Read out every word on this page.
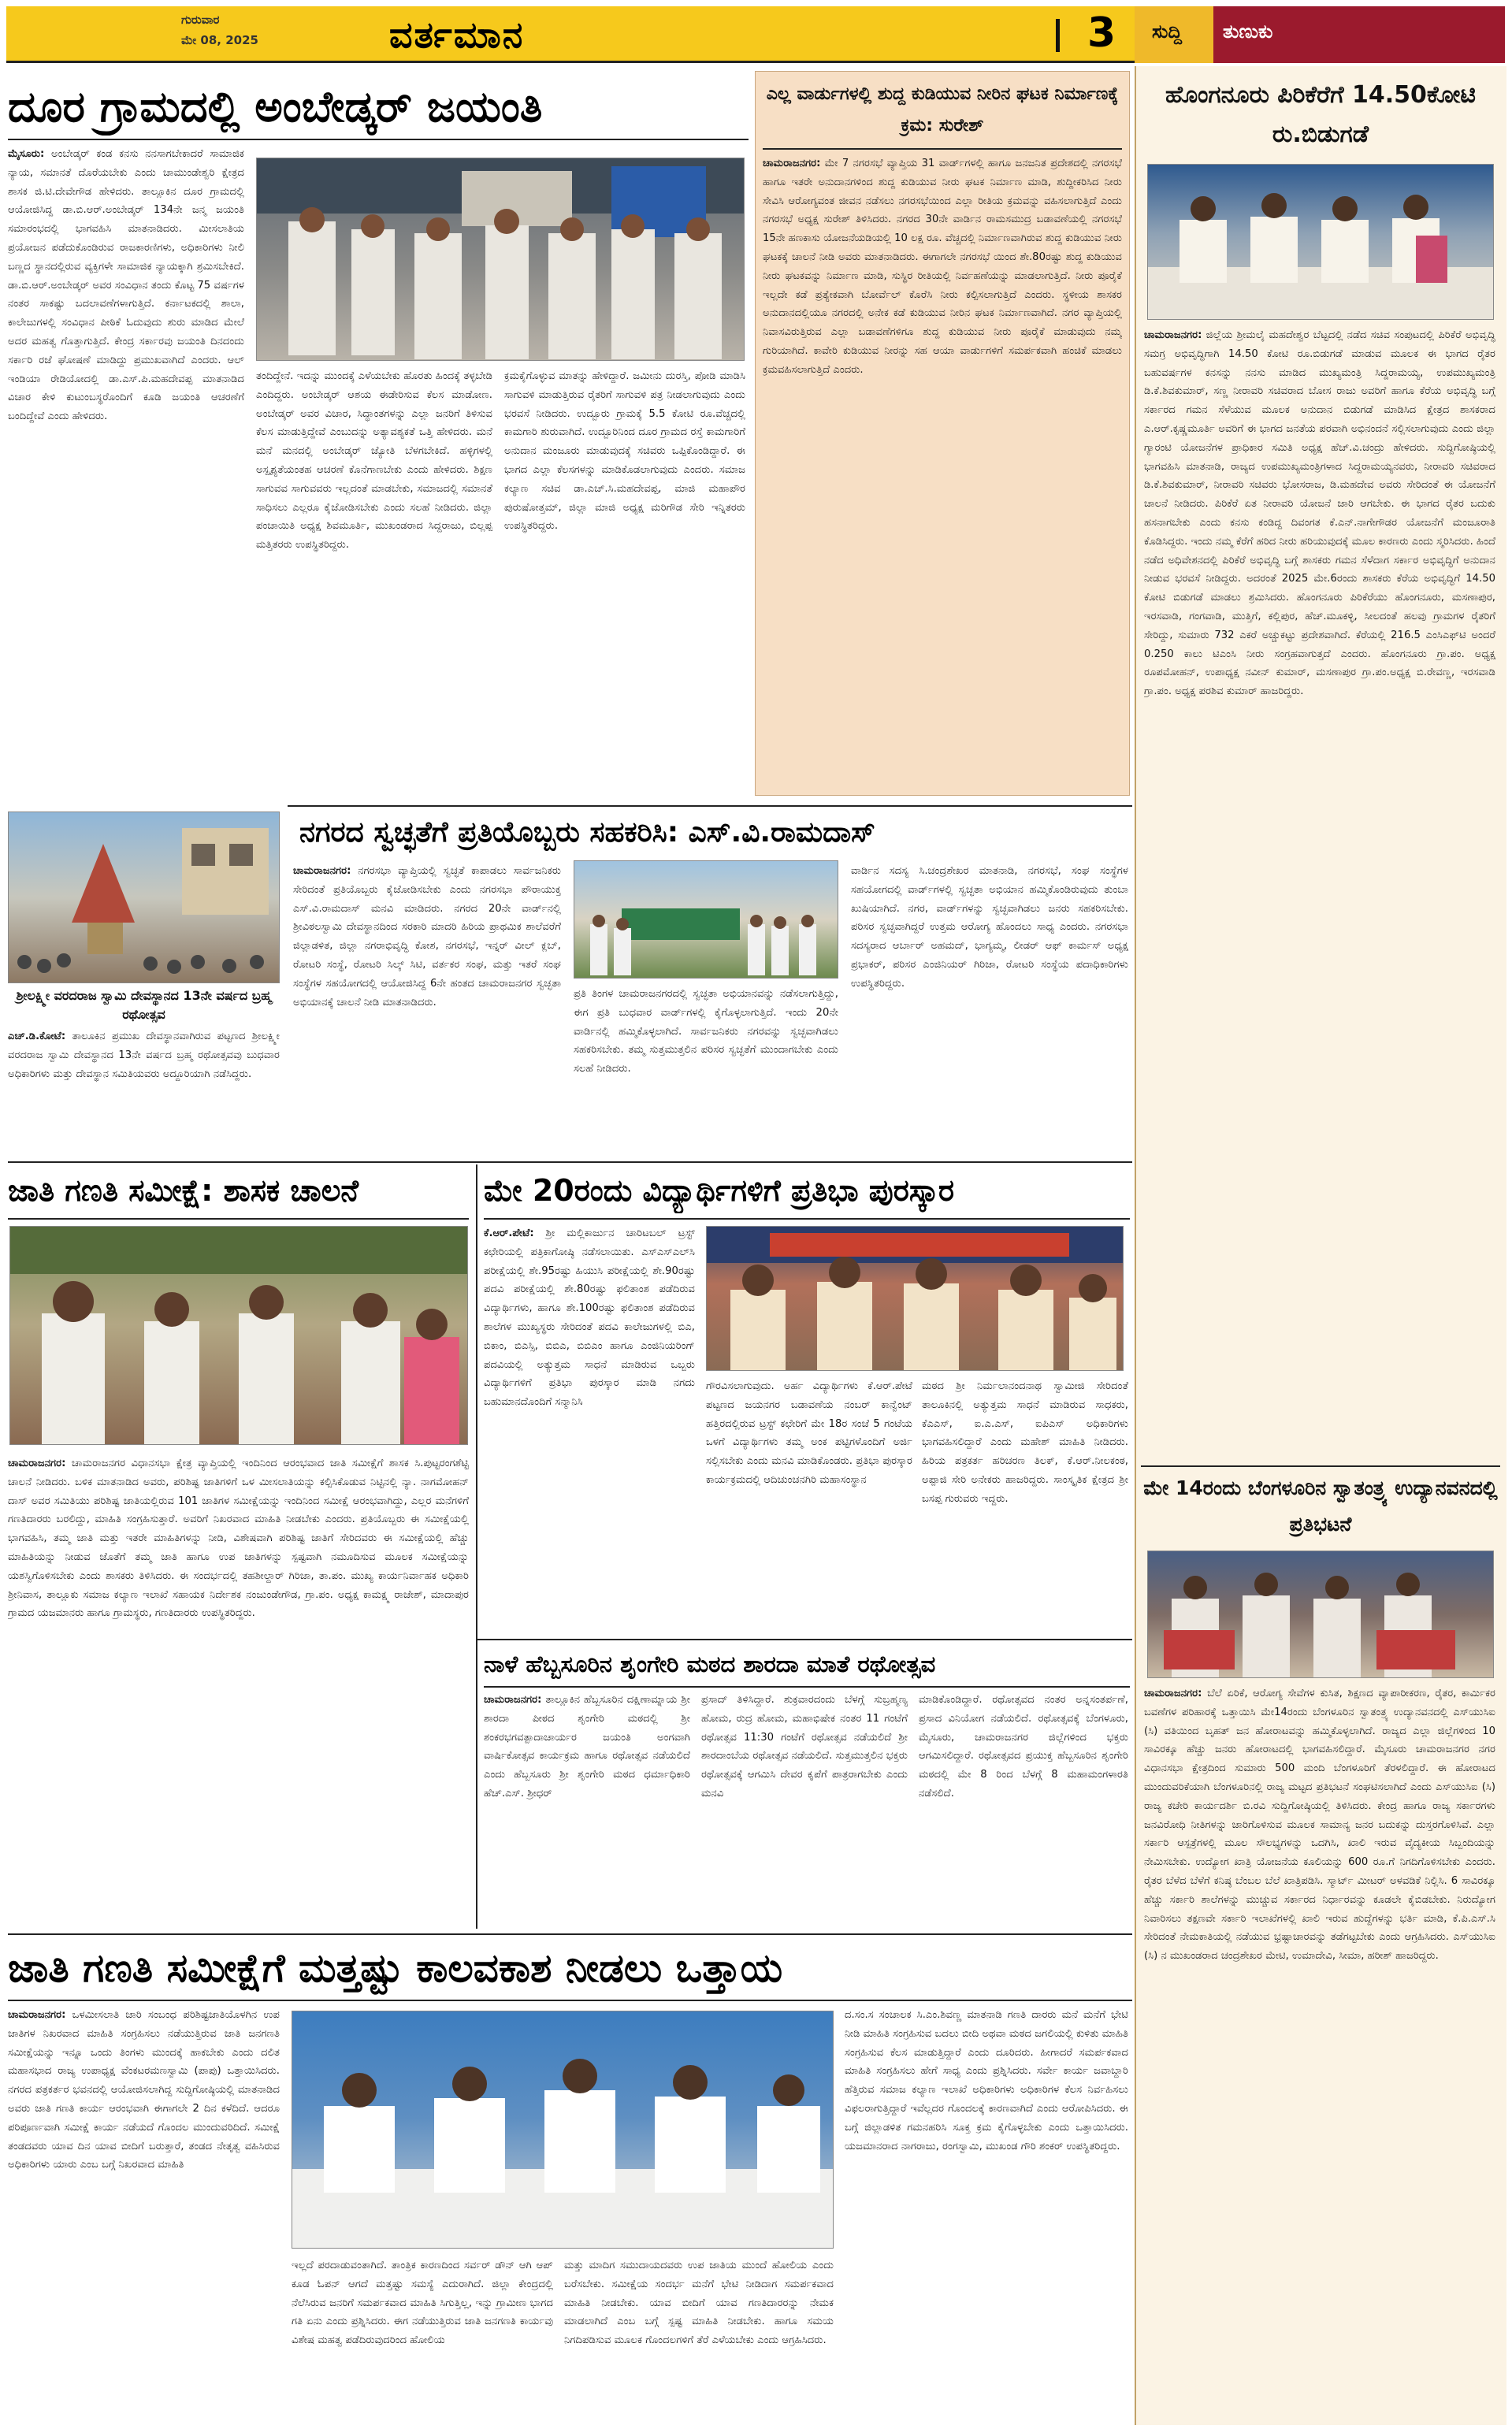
ಗುರುವಾರ
ಮೇ 08, 2025	ವರ್ತಮಾನ	3 ಸುದ್ದಿ ತುಣುಕು
ದೂರ ಗ್ರಾಮದಲ್ಲಿ ಅಂಬೇಡ್ಕರ್ ಜಯಂತಿ
ಮೈಸೂರು: ಅಂಬೇಡ್ಕರ್ ಕಂಡ ಕನಸು ನನಸಾಗಬೇಕಾದರೆ ಸಾಮಾಜಿಕ ನ್ಯಾಯ, ಸಮಾನತೆ ದೊರೆಯಬೇಕು ಎಂದು ಚಾಮುಂಡೇಶ್ವರಿ ಕ್ಷೇತ್ರದ ಶಾಸಕ ಜಿ.ಟಿ.ದೇವೇಗೌಡ ಹೇಳಿದರು. ತಾಲ್ಲೂಕಿನ ದೂರ ಗ್ರಾಮದಲ್ಲಿ ಆಯೋಜಿಸಿದ್ದ ಡಾ.ಬಿ.ಆರ್.ಅಂಬೇಡ್ಕರ್ 134ನೇ ಜನ್ಮ ಜಯಂತಿ ಸಮಾರಂಭದಲ್ಲಿ ಭಾಗವಹಿಸಿ ಮಾತನಾಡಿದರು. ಮೀಸಲಾತಿಯ ಪ್ರಯೋಜನ ಪಡೆದುಕೊಂಡಿರುವ ರಾಜಕಾರಣಿಗಳು, ಅಧಿಕಾರಿಗಳು ನೀಲಿ ಬಣ್ಣದ ಸ್ಥಾನದಲ್ಲಿರುವ ವ್ಯಕ್ತಿಗಳೇ ಸಾಮಾಜಿಕ ನ್ಯಾಯಕ್ಕಾಗಿ ಶ್ರಮಿಸಬೇಕಿದೆ. ಡಾ.ಬಿ.ಆರ್.ಅಂಬೇಡ್ಕರ್ ಅವರ ಸಂವಿಧಾನ ತಂದು ಕೊಟ್ಟ 75 ವರ್ಷಗಳ ನಂತರ ಸಾಕಷ್ಟು ಬದಲಾವಣೆಗಳಾಗುತ್ತಿದೆ. ಕರ್ನಾಟಕದಲ್ಲಿ ಶಾಲಾ, ಕಾಲೇಜುಗಳಲ್ಲಿ ಸಂವಿಧಾನ ಪೀಠಿಕೆ ಓದುವುದು ಶುರು ಮಾಡಿದ ಮೇಲೆ ಅದರ ಮಹತ್ವ ಗೊತ್ತಾಗುತ್ತಿದೆ. ಕೇಂದ್ರ ಸರ್ಕಾರವು ಜಯಂತಿ ದಿನದಂದು ಸರ್ಕಾರಿ ರಜೆ ಘೋಷಣೆ ಮಾಡಿದ್ದು ಪ್ರಮುಖವಾಗಿದೆ ಎಂದರು. ಆಲ್ ಇಂಡಿಯಾ ರೇಡಿಯೋದಲ್ಲಿ ಡಾ.ಎಸ್.ಪಿ.ಮಹದೇವಪ್ಪ ಮಾತನಾಡಿದ ವಿಚಾರ ಕೇಳಿ ಕುಟುಂಬಸ್ಥರೊಂದಿಗೆ ಕೂಡಿ ಜಯಂತಿ ಆಚರಣೆಗೆ ಬಂದಿದ್ದೇವೆ ಎಂದು ಹೇಳಿದರು.
ತಂದಿದ್ದೇನೆ. ಇದನ್ನು ಮುಂದಕ್ಕೆ ಎಳೆಯಬೇಕು ಹೊರತು ಹಿಂದಕ್ಕೆ ತಳ್ಳಬೇಡಿ ಎಂದಿದ್ದರು. ಅಂಬೇಡ್ಕರ್ ಆಶಯ ಈಡೇರಿಸುವ ಕೆಲಸ ಮಾಡೋಣ. ಅಂಬೇಡ್ಕರ್ ಅವರ ವಿಚಾರ, ಸಿದ್ಧಾಂತಗಳನ್ನು ಎಲ್ಲಾ ಜನರಿಗೆ ತಿಳಿಸುವ ಕೆಲಸ ಮಾಡುತ್ತಿದ್ದೇವೆ ಎಂಬುದನ್ನು ಅತ್ಯಾವಶ್ಯಕತೆ ಒತ್ತಿ ಹೇಳಿದರು. ಮನೆ ಮನೆ ಮನದಲ್ಲಿ ಅಂಬೇಡ್ಕರ್ ಜ್ಯೋತಿ ಬೆಳಗಬೇಕಿದೆ. ಹಳ್ಳಿಗಳಲ್ಲಿ ಅಸ್ಪೃಶ್ಯತೆಯಂತಹ ಆಚರಣೆ ಕೊನೆಗಾಣಬೇಕು ಎಂದು ಹೇಳಿದರು. ಶಿಕ್ಷಣ ಸಾಗುವವ ಸಾಗುವವರು ಇಲ್ಲದಂತೆ ಮಾಡಬೇಕು, ಸಮಾಜದಲ್ಲಿ ಸಮಾನತೆ ಸಾಧಿಸಲು ಎಲ್ಲರೂ ಕೈಜೋಡಿಸಬೇಕು ಎಂದು ಸಲಹೆ ನೀಡಿದರು. ಜಿಲ್ಲಾ ಪಂಚಾಯಿತಿ ಅಧ್ಯಕ್ಷ ಶಿವಮೂರ್ತಿ, ಮುಖಂಡರಾದ ಸಿದ್ದರಾಜು, ಬಿಲ್ಲಪ್ಪ ಮತ್ತಿತರರು ಉಪಸ್ಥಿತರಿದ್ದರು.
ಕ್ರಮಕೈಗೊಳ್ಳುವ ಮಾತನ್ನು ಹೇಳಿದ್ದಾರೆ. ಜಮೀನು ದುರಸ್ತಿ, ಪೋಡಿ ಮಾಡಿಸಿ ಸಾಗುವಳಿ ಮಾಡುತ್ತಿರುವ ರೈತರಿಗೆ ಸಾಗುವಳಿ ಪತ್ರ ನೀಡಲಾಗುವುದು ಎಂದು ಭರವಸೆ ನೀಡಿದರು. ಉದ್ಬೂರು ಗ್ರಾಮಕ್ಕೆ 5.5 ಕೋಟಿ ರೂ.ವೆಚ್ಚದಲ್ಲಿ ಕಾಮಗಾರಿ ಶುರುವಾಗಿದೆ. ಉದ್ಬೂರಿನಿಂದ ದೂರ ಗ್ರಾಮದ ರಸ್ತೆ ಕಾಮಗಾರಿಗೆ ಅನುದಾನ ಮಂಜೂರು ಮಾಡುವುದಕ್ಕೆ ಸಚಿವರು ಒಪ್ಪಿಕೊಂಡಿದ್ದಾರೆ. ಈ ಭಾಗದ ಎಲ್ಲಾ ಕೆಲಸಗಳನ್ನು ಮಾಡಿಕೊಡಲಾಗುವುದು ಎಂದರು. ಸಮಾಜ ಕಲ್ಯಾಣ ಸಚಿವ ಡಾ.ಎಚ್.ಸಿ.ಮಹದೇವಪ್ಪ, ಮಾಜಿ ಮಹಾಪೌರ ಪುರುಷೋತ್ತಮ್, ಜಿಲ್ಲಾ ಮಾಜಿ ಅಧ್ಯಕ್ಷ ಮರಿಗೌಡ ಸೇರಿ ಇನ್ನಿತರರು ಉಪಸ್ಥಿತರಿದ್ದರು.
ಎಲ್ಲ ವಾರ್ಡುಗಳಲ್ಲಿ ಶುದ್ದ ಕುಡಿಯುವ ನೀರಿನ ಘಟಕ ನಿರ್ಮಾಣಕ್ಕೆ ಕ್ರಮ: ಸುರೇಶ್
ಚಾಮರಾಜನಗರ: ಮೇ 7 ನಗರಸಭೆ ವ್ಯಾಪ್ತಿಯ 31 ವಾರ್ಡ್‌ಗಳಲ್ಲಿ ಹಾಗೂ ಜನಜನಿತ ಪ್ರದೇಶದಲ್ಲಿ ನಗರಸಭೆ ಹಾಗೂ ಇತರೇ ಅನುದಾನಗಳಿಂದ ಶುದ್ದ ಕುಡಿಯುವ ನೀರು ಘಟಕ ನಿರ್ಮಾಣ ಮಾಡಿ, ಶುದ್ದೀಕರಿಸಿದ ನೀರು ಸೇವಿಸಿ ಆರೋಗ್ಯವಂತ ಜೀವನ ನಡೆಸಲು ನಗರಸಭೆಯಿಂದ ಎಲ್ಲಾ ರೀತಿಯ ಕ್ರಮವನ್ನು ವಹಿಸಲಾಗುತ್ತಿದೆ ಎಂದು ನಗರಸಭೆ ಅಧ್ಯಕ್ಷ ಸುರೇಶ್ ತಿಳಿಸಿದರು. ನಗರದ 30ನೇ ವಾರ್ಡಿನ ರಾಮಸಮುದ್ರ ಬಡಾವಣೆಯಲ್ಲಿ ನಗರಸಭೆ 15ನೇ ಹಣಕಾಸು ಯೋಜನೆಯಡಿಯಲ್ಲಿ 10 ಲಕ್ಷ ರೂ. ವೆಚ್ಚದಲ್ಲಿ ನಿರ್ಮಾಣವಾಗಿರುವ ಶುದ್ದ ಕುಡಿಯುವ ನೀರು ಘಟಕಕ್ಕೆ ಚಾಲನೆ ನೀಡಿ ಅವರು ಮಾತನಾಡಿದರು. ಈಗಾಗಲೇ ನಗರಸಭೆ ಯಿಂದ ಶೇ.80ರಷ್ಟು ಶುದ್ದ ಕುಡಿಯುವ ನೀರು ಘಟಕವನ್ನು ನಿರ್ಮಾಣ ಮಾಡಿ, ಸುಸ್ಥಿರ ರೀತಿಯಲ್ಲಿ ನಿರ್ವಹಣೆಯನ್ನು ಮಾಡಲಾಗುತ್ತಿದೆ. ನೀರು ಪೂರೈಕೆ ಇಲ್ಲದೇ ಕಡೆ ಪ್ರತ್ಯೇಕವಾಗಿ ಬೋರ್ವೆಲ್ ಕೊರೆಸಿ ನೀರು ಕಲ್ಪಿಸಲಾಗುತ್ತಿದೆ ಎಂದರು. ಸ್ಥಳೀಯ ಶಾಸಕರ ಅನುದಾನದಲ್ಲಿಯೂ ನಗರದಲ್ಲಿ ಅನೇಕ ಕಡೆ ಕುಡಿಯುವ ನೀರಿನ ಘಟಕ ನಿರ್ಮಾಣವಾಗಿದೆ. ನಗರ ವ್ಯಾಪ್ತಿಯಲ್ಲಿ ನಿವಾಸವಿರುತ್ತಿರುವ ಎಲ್ಲಾ ಬಡಾವಣೆಗಳಿಗೂ ಶುದ್ದ ಕುಡಿಯುವ ನೀರು ಪೂರೈಕೆ ಮಾಡುವುದು ನಮ್ಮ ಗುರಿಯಾಗಿದೆ. ಕಾವೇರಿ ಕುಡಿಯುವ ನೀರನ್ನು ಸಹ ಆಯಾ ವಾರ್ಡುಗಳಿಗೆ ಸಮರ್ಪಕವಾಗಿ ಹಂಚಿಕೆ ಮಾಡಲು ಕ್ರಮವಹಿಸಲಾಗುತ್ತಿದೆ ಎಂದರು.
ಶ್ರೀಲಕ್ಷ್ಮೀ ವರದರಾಜ ಸ್ವಾಮಿ ದೇವಸ್ಥಾನದ 13ನೇ ವರ್ಷದ ಬ್ರಹ್ಮ ರಥೋತ್ಸವ
ಎಚ್.ಡಿ.ಕೋಟೆ: ತಾಲೂಕಿನ ಪ್ರಮುಖ ದೇವಸ್ಥಾನವಾಗಿರುವ ಪಟ್ಟಣದ ಶ್ರೀಲಕ್ಷ್ಮೀ ವರದರಾಜ ಸ್ವಾಮಿ ದೇವಸ್ಥಾನದ 13ನೇ ವರ್ಷದ ಬ್ರಹ್ಮ ರಥೋತ್ಸವವು ಬುಧವಾರ ಅಧಿಕಾರಿಗಳು ಮತ್ತು ದೇವಸ್ಥಾನ ಸಮಿತಿಯವರು ಅದ್ದೂರಿಯಾಗಿ ನಡೆಸಿದ್ದರು.
ನಗರದ ಸ್ವಚ್ಛತೆಗೆ ಪ್ರತಿಯೊಬ್ಬರು ಸಹಕರಿಸಿ: ಎಸ್.ವಿ.ರಾಮದಾಸ್
ಚಾಮರಾಜನಗರ: ನಗರಸಭಾ ವ್ಯಾಪ್ತಿಯಲ್ಲಿ ಸ್ವಚ್ಛತೆ ಕಾಪಾಡಲು ಸಾರ್ವಜನಿಕರು ಸೇರಿದಂತೆ ಪ್ರತಿಯೊಬ್ಬರು ಕೈಜೋಡಿಸಬೇಕು ಎಂದು ನಗರಸಭಾ ಪೌರಾಯುಕ್ತ ಎಸ್.ವಿ.ರಾಮದಾಸ್ ಮನವಿ ಮಾಡಿದರು. ನಗರದ 20ನೇ ವಾರ್ಡ್‌ನಲ್ಲಿ ಶ್ರೀವಿಠಲಸ್ವಾಮಿ ದೇವಸ್ಥಾನದಿಂದ ಸರಕಾರಿ ಮಾದರಿ ಹಿರಿಯ ಪ್ರಾಥಮಿಕ ಶಾಲೆವರೆಗೆ ಜಿಲ್ಲಾಡಳಿತ, ಜಿಲ್ಲಾ ನಗರಾಭಿವೃದ್ಧಿ ಕೋಶ, ನಗರಸಭೆ, ಇನ್ನರ್ ವೀಲ್ ಕ್ಲಬ್, ರೋಟರಿ ಸಂಸ್ಥೆ, ರೋಟರಿ ಸಿಲ್ಕ್ ಸಿಟಿ, ವರ್ತಕರ ಸಂಘ, ಮತ್ತು ಇತರೆ ಸಂಘ ಸಂಸ್ಥೆಗಳ ಸಹಯೋಗದಲ್ಲಿ ಆಯೋಜಿಸಿದ್ದ 6ನೇ ಹಂತದ ಚಾಮರಾಜನಗರ ಸ್ವಚ್ಛತಾ ಅಭಿಯಾನಕ್ಕೆ ಚಾಲನೆ ನೀಡಿ ಮಾತನಾಡಿದರು.
ಪ್ರತಿ ತಿಂಗಳ ಚಾಮರಾಜನಗರದಲ್ಲಿ ಸ್ವಚ್ಛತಾ ಅಭಿಯಾನವನ್ನು ನಡೆಸಲಾಗುತ್ತಿದ್ದು, ಈಗ ಪ್ರತಿ ಬುಧವಾರ ವಾರ್ಡ್‌ಗಳಲ್ಲಿ ಕೈಗೊಳ್ಳಲಾಗುತ್ತಿದೆ. ಇಂದು 20ನೇ ವಾರ್ಡಿನಲ್ಲಿ ಹಮ್ಮಿಕೊಳ್ಳಲಾಗಿದೆ. ಸಾರ್ವಜನಿಕರು ನಗರವನ್ನು ಸ್ವಚ್ಛವಾಗಿಡಲು ಸಹಕರಿಸಬೇಕು. ತಮ್ಮ ಸುತ್ತಮುತ್ತಲಿನ ಪರಿಸರ ಸ್ವಚ್ಛತೆಗೆ ಮುಂದಾಗಬೇಕು ಎಂದು ಸಲಹೆ ನೀಡಿದರು.
ವಾರ್ಡಿನ ಸದಸ್ಯ ಸಿ.ಚಂದ್ರಶೇಖರ ಮಾತನಾಡಿ, ನಗರಸಭೆ, ಸಂಘ ಸಂಸ್ಥೆಗಳ ಸಹಯೋಗದಲ್ಲಿ ವಾರ್ಡ್‌ಗಳಲ್ಲಿ ಸ್ವಚ್ಛತಾ ಅಭಿಯಾನ ಹಮ್ಮಿಕೊಂಡಿರುವುದು ತುಂಬಾ ಖುಷಿಯಾಗಿದೆ. ನಗರ, ವಾರ್ಡ್‌ಗಳನ್ನು ಸ್ವಚ್ಛವಾಗಿಡಲು ಜನರು ಸಹಕರಿಸಬೇಕು. ಪರಿಸರ ಸ್ವಚ್ಛವಾಗಿದ್ದರೆ ಉತ್ತಮ ಆರೋಗ್ಯ ಹೊಂದಲು ಸಾಧ್ಯ ಎಂದರು. ನಗರಸಭಾ ಸದಸ್ಯರಾದ ಆರ್ಬಾರ್ ಅಹಮದ್, ಭಾಗ್ಯಮ್ಮ, ಲೀಡರ್ ಆಫ್ ಕಾರ್ಮಸ್ ಅಧ್ಯಕ್ಷ ಪ್ರಭಾಕರ್, ಪರಿಸರ ಎಂಜಿನಿಯರ್ ಗಿರಿಜಾ, ರೋಟರಿ ಸಂಸ್ಥೆಯ ಪದಾಧಿಕಾರಿಗಳು ಉಪಸ್ಥಿತರಿದ್ದರು.
ಜಾತಿ ಗಣತಿ ಸಮೀಕ್ಷೆ: ಶಾಸಕ ಚಾಲನೆ
ಚಾಮರಾಜನಗರ: ಚಾಮರಾಜನಗರ ವಿಧಾನಸಭಾ ಕ್ಷೇತ್ರ ವ್ಯಾಪ್ತಿಯಲ್ಲಿ ಇಂದಿನಿಂದ ಆರಂಭವಾದ ಜಾತಿ ಸಮೀಕ್ಷೆಗೆ ಶಾಸಕ ಸಿ.ಪುಟ್ಟರಂಗಶೆಟ್ಟಿ ಚಾಲನೆ ನೀಡಿದರು. ಬಳಿಕ ಮಾತನಾಡಿದ ಅವರು, ಪರಿಶಿಷ್ಟ ಜಾತಿಗಳಿಗೆ ಒಳ ಮೀಸಲಾತಿಯನ್ನು ಕಲ್ಪಿಸಿಕೊಡುವ ನಿಟ್ಟಿನಲ್ಲಿ ನ್ಯಾ. ನಾಗಮೋಹನ್ ದಾಸ್ ಅವರ ಸಮಿತಿಯು ಪರಿಶಿಷ್ಟ ಜಾತಿಯಲ್ಲಿರುವ 101 ಜಾತಿಗಳ ಸಮೀಕ್ಷೆಯನ್ನು ಇಂದಿನಿಂದ ಸಮೀಕ್ಷೆ ಆರಂಭವಾಗಿದ್ದು, ಎಲ್ಲರ ಮನೆಗಳಿಗೆ ಗಣತಿದಾರರು ಬರಲಿದ್ದು, ಮಾಹಿತಿ ಸಂಗ್ರಹಿಸುತ್ತಾರೆ. ಅವರಿಗೆ ನಿಖರವಾದ ಮಾಹಿತಿ ನೀಡಬೇಕು ಎಂದರು. ಪ್ರತಿಯೊಬ್ಬರು ಈ ಸಮೀಕ್ಷೆಯಲ್ಲಿ ಭಾಗವಹಿಸಿ, ತಮ್ಮ ಜಾತಿ ಮತ್ತು ಇತರೇ ಮಾಹಿತಿಗಳನ್ನು ನೀಡಿ, ವಿಶೇಷವಾಗಿ ಪರಿಶಿಷ್ಟ ಜಾತಿಗೆ ಸೇರಿದವರು ಈ ಸಮೀಕ್ಷೆಯಲ್ಲಿ ಹೆಚ್ಚು ಮಾಹಿತಿಯನ್ನು ನೀಡುವ ಜೊತೆಗೆ ತಮ್ಮ ಜಾತಿ ಹಾಗೂ ಉಪ ಜಾತಿಗಳನ್ನು ಸ್ಪಷ್ಟವಾಗಿ ನಮೂದಿಸುವ ಮೂಲಕ ಸಮೀಕ್ಷೆಯನ್ನು ಯಶಸ್ವಿಗೊಳಿಸಬೇಕು ಎಂದು ಶಾಸಕರು ತಿಳಿಸಿದರು. ಈ ಸಂದರ್ಭದಲ್ಲಿ ತಹಶೀಲ್ದಾರ್ ಗಿರಿಜಾ, ತಾ.ಪಂ. ಮುಖ್ಯ ಕಾರ್ಯನಿರ್ವಾಹಕ ಅಧಿಕಾರಿ ಶ್ರೀನಿವಾಸ, ತಾಲ್ಲೂಕು ಸಮಾಜ ಕಲ್ಯಾಣ ಇಲಾಖೆ ಸಹಾಯಕ ನಿರ್ದೇಶಕ ನಂಜುಂಡೇಗೌಡ, ಗ್ರಾ.ಪಂ. ಅಧ್ಯಕ್ಷ ಕಾಮಕ್ಷ್ಮ ರಾಜೇಶ್, ಮಾದಾಪುರ ಗ್ರಾಮದ ಯಜಮಾನರು ಹಾಗೂ ಗ್ರಾಮಸ್ಥರು, ಗಣತಿದಾರರು ಉಪಸ್ಥಿತರಿದ್ದರು.
ಮೇ 20ರಂದು ವಿದ್ಯಾರ್ಥಿಗಳಿಗೆ ಪ್ರತಿಭಾ ಪುರಸ್ಕಾರ
ಕೆ.ಆರ್.ಪೇಟೆ: ಶ್ರೀ ಮಲ್ಲಿಕಾರ್ಜುನ ಚಾರಿಟಬಲ್ ಟ್ರಸ್ಟ್ ಕಛೇರಿಯಲ್ಲಿ ಪತ್ರಿಕಾಗೋಷ್ಠಿ ನಡೆಸಲಾಯಿತು. ಎಸ್‌ಎಸ್‌ಎಲ್‌ಸಿ ಪರೀಕ್ಷೆಯಲ್ಲಿ ಶೇ.95ರಷ್ಟು ಹಿಯುಸಿ ಪರೀಕ್ಷೆಯಲ್ಲಿ ಶೇ.90ರಷ್ಟು ಪದವಿ ಪರೀಕ್ಷೆಯಲ್ಲಿ ಶೇ.80ರಷ್ಟು ಫಲಿತಾಂಶ ಪಡೆದಿರುವ ವಿದ್ಯಾರ್ಥಿಗಳು, ಹಾಗೂ ಶೇ.100ರಷ್ಟು ಫಲಿತಾಂಶ ಪಡೆದಿರುವ ಶಾಲೆಗಳ ಮುಖ್ಯಸ್ಥರು ಸೇರಿದಂತೆ ಪದವಿ ಕಾಲೇಜುಗಳಲ್ಲಿ ಬಿಎ, ಬಿಕಾಂ, ಬಿಎಸ್ಸಿ, ಬಿಬಿಎ, ಬಿಬಿಎಂ ಹಾಗೂ ಎಂಜಿನಿಯರಿಂಗ್ ಪದವಿಯಲ್ಲಿ ಅತ್ಯುತ್ತಮ ಸಾಧನೆ ಮಾಡಿರುವ ಒಬ್ಬರು ವಿದ್ಯಾರ್ಥಿಗಳಿಗೆ ಪ್ರತಿಭಾ ಪುರಸ್ಕಾರ ಮಾಡಿ ನಗದು ಬಹುಮಾನದೊಂದಿಗೆ ಸನ್ಮಾನಿಸಿ
ಗೌರವಿಸಲಾಗುವುದು. ಅರ್ಹ ವಿದ್ಯಾರ್ಥಿಗಳು ಕೆ.ಆರ್.ಪೇಟೆ ಪಟ್ಟಣದ ಜಯನಗರ ಬಡಾವಣೆಯ ನಂಬರ್ ಕಾನ್ವೆಂಟ್ ಹತ್ತಿರದಲ್ಲಿರುವ ಟ್ರಸ್ಟ್ ಕಛೇರಿಗೆ ಮೇ 18ರ ಸಂಜೆ 5 ಗಂಟೆಯ ಒಳಗೆ ವಿದ್ಯಾರ್ಥಿಗಳು ತಮ್ಮ ಅಂಕ ಪಟ್ಟಿಗಳೊಂದಿಗೆ ಅರ್ಜಿ ಸಲ್ಲಿಸಬೇಕು ಎಂದು ಮನವಿ ಮಾಡಿಕೊಂಡರು. ಪ್ರತಿಭಾ ಪುರಸ್ಕಾರ ಕಾರ್ಯಕ್ರಮದಲ್ಲಿ ಆದಿಚುಂಚನಗಿರಿ ಮಹಾಸಂಸ್ಥಾನ
ಮಠದ ಶ್ರೀ ನಿರ್ಮಲಾನಂದನಾಥ ಸ್ವಾಮೀಜಿ ಸೇರಿದಂತೆ ತಾಲೂಕಿನಲ್ಲಿ ಅತ್ಯುತ್ತಮ ಸಾಧನೆ ಮಾಡಿರುವ ಸಾಧಕರು, ಕೆಎಎಸ್, ಐ.ಎ.ಎಸ್, ಐಪಿಎಸ್ ಅಧಿಕಾರಿಗಳು ಭಾಗವಹಿಸಲಿದ್ದಾರೆ ಎಂದು ಮಹೇಶ್ ಮಾಹಿತಿ ನೀಡಿದರು. ಹಿರಿಯ ಪತ್ರಕರ್ತ ಹರಿಚರಣ ತಿಲಕ್, ಕೆ.ಆರ್.ನೀಲಕಂಠ, ಅಪ್ಪಾಜಿ ಸೇರಿ ಅನೇಕರು ಹಾಜರಿದ್ದರು. ಸಾಂಸ್ಕೃತಿಕ ಕ್ಷೇತ್ರದ ಶ್ರೀ ಬಸಪ್ಪ ಗುರುವರು ಇದ್ದರು.
ನಾಳೆ ಹೆಬ್ಬಸೂರಿನ ಶೃಂಗೇರಿ ಮಠದ ಶಾರದಾ ಮಾತೆ ರಥೋತ್ಸವ
ಚಾಮರಾಜನಗರ: ತಾಲ್ಲೂಕಿನ ಹೆಬ್ಬಸೂರಿನ ದಕ್ಷಿಣಾಮ್ನಾಯ ಶ್ರೀ ಶಾರದಾ ಪೀಠದ ಶೃಂಗೇರಿ ಮಠದಲ್ಲಿ ಶ್ರೀ ಶಂಕರಭಗವತ್ಪಾದಾಚಾರ್ಯರ ಜಯಂತಿ ಅಂಗವಾಗಿ ವಾರ್ಷಿಕೋತ್ಸವ ಕಾರ್ಯಕ್ರಮ ಹಾಗೂ ರಥೋತ್ಸವ ನಡೆಯಲಿದೆ ಎಂದು ಹೆಬ್ಬಸೂರು ಶ್ರೀ ಶೃಂಗೇರಿ ಮಠದ ಧರ್ಮಾಧಿಕಾರಿ ಹೆಚ್.ಎಸ್. ಶ್ರೀಧರ್
ಪ್ರಸಾದ್ ತಿಳಿಸಿದ್ದಾರೆ. ಶುಕ್ರವಾರದಂದು ಬೆಳಗ್ಗೆ ಸುಬ್ರಹ್ಮಣ್ಯ ಹೋಮ, ರುದ್ರ ಹೋಮ, ಮಹಾಭಿಷೇಕ ನಂತರ 11 ಗಂಟೆಗೆ ರಥೋತ್ಸವ 11:30 ಗಂಟೆಗೆ ರಥೋತ್ಸವ ನಡೆಯಲಿದೆ ಶ್ರೀ ಶಾರದಾಂಬೆಯ ರಥೋತ್ಸವ ನಡೆಯಲಿದೆ. ಸುತ್ತಮುತ್ತಲಿನ ಭಕ್ತರು ರಥೋತ್ಸವಕ್ಕೆ ಆಗಮಿಸಿ ದೇವರ ಕೃಪೆಗೆ ಪಾತ್ರರಾಗಬೇಕು ಎಂದು ಮನವಿ
ಮಾಡಿಕೊಂಡಿದ್ದಾರೆ. ರಥೋತ್ಸವದ ನಂತರ ಅನ್ನಸಂತರ್ಪಣೆ, ಪ್ರಸಾದ ವಿನಿಯೋಗ ನಡೆಯಲಿದೆ. ರಥೋತ್ಸವಕ್ಕೆ ಬೆಂಗಳೂರು, ಮೈಸೂರು, ಚಾಮರಾಜನಗರ ಜಿಲ್ಲೆಗಳಿಂದ ಭಕ್ತರು ಆಗಮಿಸಲಿದ್ದಾರೆ. ರಥೋತ್ಸವದ ಪ್ರಯುಕ್ತ ಹೆಬ್ಬಸೂರಿನ ಶೃಂಗೇರಿ ಮಠದಲ್ಲಿ ಮೇ 8 ರಿಂದ ಬೆಳಗ್ಗೆ 8 ಮಹಾಮಂಗಳಾರತಿ ನಡೆಸಲಿದೆ.
ಜಾತಿ ಗಣತಿ ಸಮೀಕ್ಷೆಗೆ ಮತ್ತಷ್ಟು ಕಾಲವಕಾಶ ನೀಡಲು ಒತ್ತಾಯ
ಚಾಮರಾಜನಗರ: ಒಳಮೀಸಲಾತಿ ಜಾರಿ ಸಂಬಂಧ ಪರಿಶಿಷ್ಟಜಾತಿಯೊಳಗಿನ ಉಪ ಜಾತಿಗಳ ನಿಖರವಾದ ಮಾಹಿತಿ ಸಂಗ್ರಹಿಸಲು ನಡೆಯುತ್ತಿರುವ ಜಾತಿ ಜನಗಣತಿ ಸಮೀಕ್ಷೆಯನ್ನು ಇನ್ನೂ ಒಂದು ತಿಂಗಳು ಮುಂದಕ್ಕೆ ಹಾಕಬೇಕು ಎಂದು ದಲಿತ ಮಹಾಸಭಾದ ರಾಜ್ಯ ಉಪಾಧ್ಯಕ್ಷ ವೆಂಕಟರಮಣಸ್ವಾಮಿ (ಪಾಪು) ಒತ್ತಾಯಿಸಿದರು. ನಗರದ ಪತ್ರಕರ್ತರ ಭವನದಲ್ಲಿ ಆಯೋಜಿಸಲಾಗಿದ್ದ ಸುದ್ದಿಗೋಷ್ಠಿಯಲ್ಲಿ ಮಾತನಾಡಿದ ಅವರು ಜಾತಿ ಗಣತಿ ಕಾರ್ಯ ಆರಂಭವಾಗಿ ಈಗಾಗಲೇ 2 ದಿನ ಕಳೆದಿದೆ. ಆದರೂ ಪರಿಪೂರ್ಣವಾಗಿ ಸಮೀಕ್ಷೆ ಕಾರ್ಯ ನಡೆಯದೆ ಗೊಂದಲ ಮುಂದುವರಿದಿದೆ. ಸಮೀಕ್ಷೆ ತಂಡದವರು ಯಾವ ದಿನ ಯಾವ ಬೀದಿಗೆ ಬರುತ್ತಾರೆ, ತಂಡದ ನೇತೃತ್ವ ವಹಿಸಿರುವ ಅಧಿಕಾರಿಗಳು ಯಾರು ಎಂಬ ಬಗ್ಗೆ ನಿಖರವಾದ ಮಾಹಿತಿ
ಇಲ್ಲದೆ ಪರದಾಡುವಂತಾಗಿದೆ. ತಾಂತ್ರಿಕ ಕಾರಣದಿಂದ ಸರ್ವರ್ ಡೌನ್ ಆಗಿ ಆಪ್ ಕೂಡ ಓಪನ್ ಆಗದೆ ಮತ್ತಷ್ಟು ಸಮಸ್ಯೆ ಎದುರಾಗಿದೆ. ಜಿಲ್ಲಾ ಕೇಂದ್ರದಲ್ಲಿ ನೆಲೆಸಿರುವ ಜನರಿಗೆ ಸಮರ್ಪಕವಾದ ಮಾಹಿತಿ ಸಿಗುತ್ತಿಲ್ಲ, ಇನ್ನು ಗ್ರಾಮೀಣ ಭಾಗದ ಗತಿ ಏನು ಎಂದು ಪ್ರಶ್ನಿಸಿದರು. ಈಗ ನಡೆಯುತ್ತಿರುವ ಜಾತಿ ಜನಗಣತಿ ಕಾರ್ಯವು ವಿಶೇಷ ಮಹತ್ವ ಪಡೆದಿರುವುದರಿಂದ ಹೋಲಿಯ
ಮತ್ತು ಮಾದಿಗ ಸಮುದಾಯದವರು ಉಪ ಜಾತಿಯ ಮುಂದೆ ಹೋಲಿಯ ಎಂದು ಬರೆಸಬೇಕು. ಸಮೀಕ್ಷೆಯ ಸಂದರ್ಭ ಮನೆಗೆ ಭೇಟಿ ನೀಡಿದಾಗ ಸಮರ್ಪಕವಾದ ಮಾಹಿತಿ ನೀಡಬೇಕು. ಯಾವ ಬೀದಿಗೆ ಯಾವ ಗಣತಿದಾರರನ್ನು ನೇಮಕ ಮಾಡಲಾಗಿದೆ ಎಂಬ ಬಗ್ಗೆ ಸ್ಪಷ್ಟ ಮಾಹಿತಿ ನೀಡಬೇಕು. ಹಾಗೂ ಸಮಯ ನಿಗದಿಪಡಿಸುವ ಮೂಲಕ ಗೊಂದಲಗಳಿಗೆ ತೆರೆ ಎಳೆಯಬೇಕು ಎಂದು ಆಗ್ರಹಿಸಿದರು.
ದ.ಸಂ.ಸ ಸಂಚಾಲಕ ಸಿ.ಎಂ.ಶಿವಣ್ಣ ಮಾತನಾಡಿ ಗಣತಿ ದಾರರು ಮನೆ ಮನೆಗೆ ಭೇಟಿ ನೀಡಿ ಮಾಹಿತಿ ಸಂಗ್ರಹಿಸುವ ಬದಲು ಬೀದಿ ಅಥವಾ ಮಠದ ಜಗಲಿಯಲ್ಲಿ ಕುಳಿತು ಮಾಹಿತಿ ಸಂಗ್ರಹಿಸುವ ಕೆಲಸ ಮಾಡುತ್ತಿದ್ದಾರೆ ಎಂದು ದೂರಿದರು. ಹೀಗಾದರೆ ಸಮರ್ಪಕವಾದ ಮಾಹಿತಿ ಸಂಗ್ರಹಿಸಲು ಹೇಗೆ ಸಾಧ್ಯ ಎಂದು ಪ್ರಶ್ನಿಸಿದರು. ಸರ್ವೇ ಕಾರ್ಯ ಜವಾಬ್ದಾರಿ ಹೆತ್ತಿರುವ ಸಮಾಜ ಕಲ್ಯಾಣ ಇಲಾಖೆ ಅಧಿಕಾರಿಗಳು ಅಧಿಕಾರಿಗಳ ಕೆಲಸ ನಿರ್ವಹಿಸಲು ವಿಫಲರಾಗುತ್ತಿದ್ದಾರೆ ಇವೆಲ್ಲದರ ಗೊಂದಲಕ್ಕೆ ಕಾರಣವಾಗಿದೆ ಎಂದು ಆರೋಪಿಸಿದರು. ಈ ಬಗ್ಗೆ ಜಿಲ್ಲಾಡಳಿತ ಗಮನಹರಿಸಿ ಸೂಕ್ತ ಕ್ರಮ ಕೈಗೊಳ್ಳಬೇಕು ಎಂದು ಒತ್ತಾಯಿಸಿದರು. ಯಜಮಾನರಾದ ನಾಗರಾಜು, ರಂಗಸ್ವಾಮಿ, ಮುಖಂಡ ಗೌರಿ ಶಂಕರ್ ಉಪಸ್ಥಿತರಿದ್ದರು.
ಹೊಂಗನೂರು ಪಿರಿಕೆರೆಗೆ 14.50ಕೋಟಿ ರು.ಬಿಡುಗಡೆ
ಚಾಮರಾಜನಗರ: ಜಿಲ್ಲೆಯ ಶ್ರೀಮಲೈ ಮಹದೇಶ್ವರ ಬೆಟ್ಟದಲ್ಲಿ ನಡೆದ ಸಚಿವ ಸಂಪುಟದಲ್ಲಿ ಪಿರಿಕೆರೆ ಅಭಿವೃದ್ಧಿ ಸಮಗ್ರ ಅಭಿವೃದ್ಧಿಗಾಗಿ 14.50 ಕೋಟಿ ರೂ.ಬಿಡುಗಡೆ ಮಾಡುವ ಮೂಲಕ ಈ ಭಾಗದ ರೈತರ ಬಹುವರ್ಷಗಳ ಕನಸನ್ನು ನನಸು ಮಾಡಿದ ಮುಖ್ಯಮಂತ್ರಿ ಸಿದ್ದರಾಮಯ್ಯ, ಉಪಮುಖ್ಯಮಂತ್ರಿ ಡಿ.ಕೆ.ಶಿವಕುಮಾರ್, ಸಣ್ಣ ನೀರಾವರಿ ಸಚಿವರಾದ ಬೋಸ ರಾಜು ಅವರಿಗೆ ಹಾಗೂ ಕೆರೆಯ ಅಭಿವೃದ್ಧಿ ಬಗ್ಗೆ ಸರ್ಕಾರದ ಗಮನ ಸೆಳೆಯುವ ಮೂಲಕ ಅನುದಾನ ಬಿಡುಗಡೆ ಮಾಡಿಸಿದ ಕ್ಷೇತ್ರದ ಶಾಸಕರಾದ ಎ.ಆರ್.ಕೃಷ್ಣಮೂರ್ತಿ ಅವರಿಗೆ ಈ ಭಾಗದ ಜನತೆಯ ಪರವಾಗಿ ಅಭಿನಂದನೆ ಸಲ್ಲಿಸಲಾಗುವುದು ಎಂದು ಜಿಲ್ಲಾ ಗ್ಯಾರಂಟಿ ಯೋಜನೆಗಳ ಪ್ರಾಧಿಕಾರ ಸಮಿತಿ ಅಧ್ಯಕ್ಷ ಹೆಚ್.ವಿ.ಚಂದ್ರು ಹೇಳಿದರು. ಸುದ್ದಿಗೋಷ್ಠಿಯಲ್ಲಿ ಭಾಗವಹಿಸಿ ಮಾತನಾಡಿ, ರಾಜ್ಯದ ಉಪಮುಖ್ಯಮಂತ್ರಿಗಳಾದ ಸಿದ್ದರಾಮಯ್ಯನವರು, ನೀರಾವರಿ ಸಚಿವರಾದ ಡಿ.ಕೆ.ಶಿವಕುಮಾರ್, ನೀರಾವರಿ ಸಚಿವರು ಭೋಸರಾಜ, ಡಿ.ಮಹದೇವ ಅವರು ಸೇರಿದಂತೆ ಈ ಯೋಜನೆಗೆ ಚಾಲನೆ ನೀಡಿದರು. ಪಿರಿಕೆರೆ ಏತ ನೀರಾವರಿ ಯೋಜನೆ ಜಾರಿ ಆಗಬೇಕು. ಈ ಭಾಗದ ರೈತರ ಬದುಕು ಹಸನಾಗಬೇಕು ಎಂದು ಕನಸು ಕಂಡಿದ್ದ ದಿವಂಗತ ಕೆ.ಎನ್.ನಾಗೇಗೌಡರ ಯೋಜನೆಗೆ ಮಂಜೂರಾತಿ ಕೊಡಿಸಿದ್ದರು. ಇಂದು ನಮ್ಮ ಕೆರೆಗೆ ಹರಿದ ನೀರು ಹರಿಯುವುದಕ್ಕೆ ಮೂಲ ಕಾರಣರು ಎಂದು ಸ್ಮರಿಸಿದರು. ಹಿಂದೆ ನಡೆದ ಅಧಿವೇಶನದಲ್ಲಿ ಪಿರಿಕೆರೆ ಅಭಿವೃದ್ಧಿ ಬಗ್ಗೆ ಶಾಸಕರು ಗಮನ ಸೆಳೆದಾಗ ಸರ್ಕಾರ ಅಭಿವೃದ್ಧಿಗೆ ಅನುದಾನ ನೀಡುವ ಭರವಸೆ ನೀಡಿದ್ದರು. ಅದರಂತೆ 2025 ಮೇ.6ರಂದು ಶಾಸಕರು ಕೆರೆಯ ಅಭಿವೃದ್ಧಿಗೆ 14.50 ಕೋಟಿ ಬಿಡುಗಡೆ ಮಾಡಲು ಶ್ರಮಿಸಿದರು. ಹೊಂಗನೂರು ಪಿರಿಕೆರೆಯು ಹೊಂಗನೂರು, ಮಸಣಾಪುರ, ಇರಸವಾಡಿ, ಗಂಗವಾಡಿ, ಮುತ್ತಿಗೆ, ಕಲ್ಲಿಪುರ, ಹೆಚ್.ಮೂಕಳ್ಳಿ, ಸೀಲದಂತೆ ಹಲವು ಗ್ರಾಮಗಳ ರೈತರಿಗೆ ಸೇರಿದ್ದು, ಸುಮಾರು 732 ಎಕರೆ ಅಚ್ಚುಕಟ್ಟು ಪ್ರದೇಶವಾಗಿದೆ. ಕೆರೆಯಲ್ಲಿ 216.5 ಎಂಸಿಎಫ್‌ಟಿ ಅಂದರೆ 0.250 ಕಾಲು ಟಿಎಂಸಿ ನೀರು ಸಂಗ್ರಹವಾಗುತ್ತದೆ ಎಂದರು. ಹೊಂಗನೂರು ಗ್ರಾ.ಪಂ. ಅಧ್ಯಕ್ಷ ರೂಪಮೋಹನ್, ಉಪಾಧ್ಯಕ್ಷ ನವೀನ್ ಕುಮಾರ್, ಮಸಣಾಪುರ ಗ್ರಾ.ಪಂ.ಅಧ್ಯಕ್ಷ ಬಿ.ರೇವಣ್ಣ, ಇರಸವಾಡಿ ಗ್ರಾ.ಪಂ. ಅಧ್ಯಕ್ಷ ಪರಶಿವ ಕುಮಾರ್ ಹಾಜರಿದ್ದರು.
ಮೇ 14ರಂದು ಬೆಂಗಳೂರಿನ ಸ್ವಾತಂತ್ರ್ಯ ಉದ್ಯಾನವನದಲ್ಲಿ ಪ್ರತಿಭಟನೆ
ಚಾಮರಾಜನಗರ: ಬೆಲೆ ಏರಿಕೆ, ಆರೋಗ್ಯ ಸೇವೆಗಳ ಕುಸಿತ, ಶಿಕ್ಷಣದ ವ್ಯಾಪಾರೀಕರಣ, ರೈತರ, ಕಾರ್ಮಿಕರ ಬವಣೆಗಳ ಪರಿಹಾರಕ್ಕೆ ಒತ್ತಾಯಿಸಿ ಮೇ14ರಂದು ಬೆಂಗಳೂರಿನ ಸ್ವಾತಂತ್ರ್ಯ ಉದ್ಯಾನವನದಲ್ಲಿ ಎಸ್‌ಯುಸಿಐ (ಸಿ) ವತಿಯಿಂದ ಬೃಹತ್ ಜನ ಹೋರಾಟವನ್ನು ಹಮ್ಮಿಕೊಳ್ಳಲಾಗಿದೆ. ರಾಜ್ಯದ ಎಲ್ಲಾ ಜಿಲ್ಲೆಗಳಿಂದ 10 ಸಾವಿರಕ್ಕೂ ಹೆಚ್ಚು ಜನರು ಹೋರಾಟದಲ್ಲಿ ಭಾಗವಹಿಸಲಿದ್ದಾರೆ. ಮೈಸೂರು ಚಾಮರಾಜನಗರ ನಗರ ವಿಧಾನಸಭಾ ಕ್ಷೇತ್ರದಿಂದ ಸುಮಾರು 500 ಮಂದಿ ಬೆಂಗಳೂರಿಗೆ ತೆರಳಲಿದ್ದಾರೆ. ಈ ಹೋರಾಟದ ಮುಂದುವರಿಕೆಯಾಗಿ ಬೆಂಗಳೂರಿನಲ್ಲಿ ರಾಜ್ಯ ಮಟ್ಟದ ಪ್ರತಿಭಟನೆ ಸಂಘಟಿಸಲಾಗಿದೆ ಎಂದು ಎಸ್‌ಯುಸಿಐ (ಸಿ) ರಾಜ್ಯ ಕಚೇರಿ ಕಾರ್ಯದರ್ಶಿ ಬಿ.ರವಿ ಸುದ್ದಿಗೋಷ್ಠಿಯಲ್ಲಿ ತಿಳಿಸಿದರು. ಕೇಂದ್ರ ಹಾಗೂ ರಾಜ್ಯ ಸರ್ಕಾರಗಳು ಜನವಿರೋಧಿ ನೀತಿಗಳನ್ನು ಜಾರಿಗೊಳಿಸುವ ಮೂಲಕ ಸಾಮಾನ್ಯ ಜನರ ಬದುಕನ್ನು ದುಸ್ತರಗೊಳಿಸಿವೆ. ಎಲ್ಲಾ ಸರ್ಕಾರಿ ಆಸ್ಪತ್ರೆಗಳಲ್ಲಿ ಮೂಲ ಸೌಲಭ್ಯಗಳನ್ನು ಒದಗಿಸಿ, ಖಾಲಿ ಇರುವ ವೈದ್ಯಕೀಯ ಸಿಬ್ಬಂದಿಯನ್ನು ನೇಮಿಸಬೇಕು. ಉದ್ಯೋಗ ಖಾತ್ರಿ ಯೋಜನೆಯ ಕೂಲಿಯನ್ನು 600 ರೂ.ಗೆ ನಿಗದಿಗೊಳಿಸಬೇಕು ಎಂದರು. ರೈತರ ಬೆಳೆದ ಬೆಳೆಗೆ ಕನಿಷ್ಠ ಬೆಂಬಲ ಬೆಲೆ ಖಾತ್ರಿಪಡಿಸಿ. ಸ್ಮಾರ್ಟ್ ಮೀಟರ್ ಅಳವಡಿಕೆ ನಿಲ್ಲಿಸಿ. 6 ಸಾವಿರಕ್ಕೂ ಹೆಚ್ಚು ಸರ್ಕಾರಿ ಶಾಲೆಗಳನ್ನು ಮುಚ್ಚುವ ಸರ್ಕಾರದ ನಿರ್ಧಾರವನ್ನು ಕೂಡಲೇ ಕೈಬಿಡಬೇಕು. ನಿರುದ್ಯೋಗ ನಿವಾರಿಸಲು ತಕ್ಷಣವೇ ಸರ್ಕಾರಿ ಇಲಾಖೆಗಳಲ್ಲಿ ಖಾಲಿ ಇರುವ ಹುದ್ದೆಗಳನ್ನು ಭರ್ತಿ ಮಾಡಿ, ಕೆ.ಪಿ.ಎಸ್.ಸಿ ಸೇರಿದಂತೆ ನೇಮಕಾತಿಯಲ್ಲಿ ನಡೆಯುವ ಭ್ರಷ್ಟಾಚಾರವನ್ನು ತಡೆಗಟ್ಟಬೇಕು ಎಂದು ಆಗ್ರಹಿಸಿದರು. ಎಸ್‌ಯುಸಿಐ (ಸಿ) ನ ಮುಖಂಡರಾದ ಚಂದ್ರಶೇಖರ ಮೇಟಿ, ಉಮಾದೇವಿ, ಸೀಮಾ, ಹರೀಶ್ ಹಾಜರಿದ್ದರು.
